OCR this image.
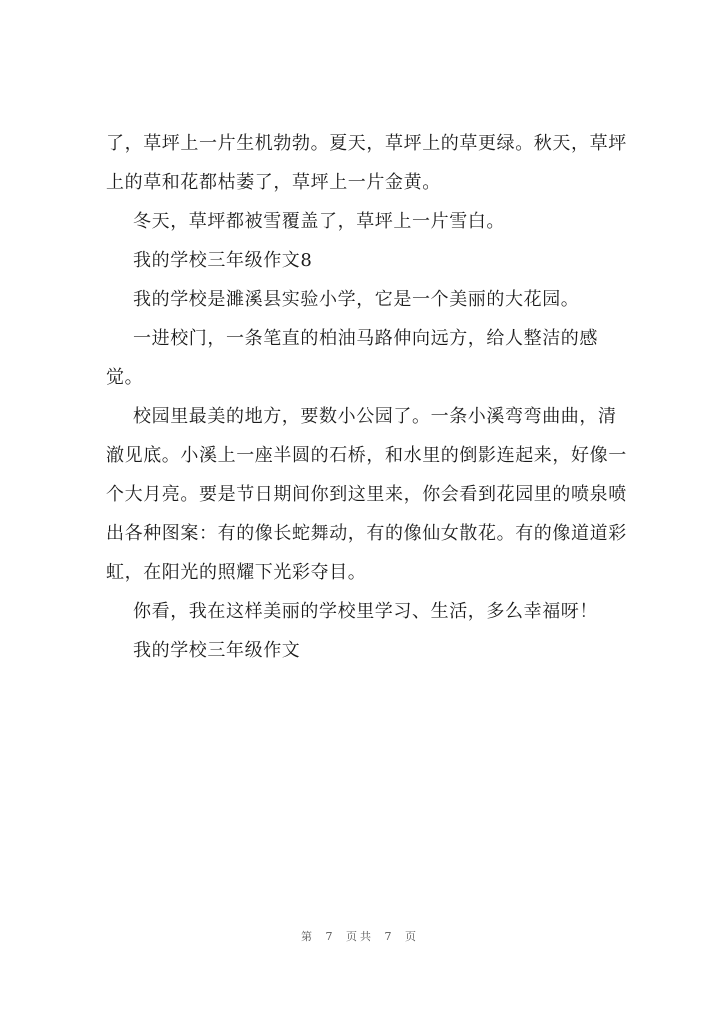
了，草坪上一片生机勃勃。夏天，草坪上的草更绿。秋天，草坪
上的草和花都枯萎了，草坪上一片金黄。
冬天，草坪都被雪覆盖了，草坪上一片雪白。
我的学校三年级作文8
我的学校是濉溪县实验小学，它是一个美丽的大花园。
一进校门，一条笔直的柏油马路伸向远方，给人整洁的感
觉。
校园里最美的地方，要数小公园了。一条小溪弯弯曲曲，清
澈见底。小溪上一座半圆的石桥，和水里的倒影连起来，好像一
个大月亮。要是节日期间你到这里来，你会看到花园里的喷泉喷
出各种图案：有的像长蛇舞动，有的像仙女散花。有的像道道彩
虹，在阳光的照耀下光彩夺目。
你看，我在这样美丽的学校里学习、生活，多么幸福呀！
我的学校三年级作文
第 7 页共 7 页
